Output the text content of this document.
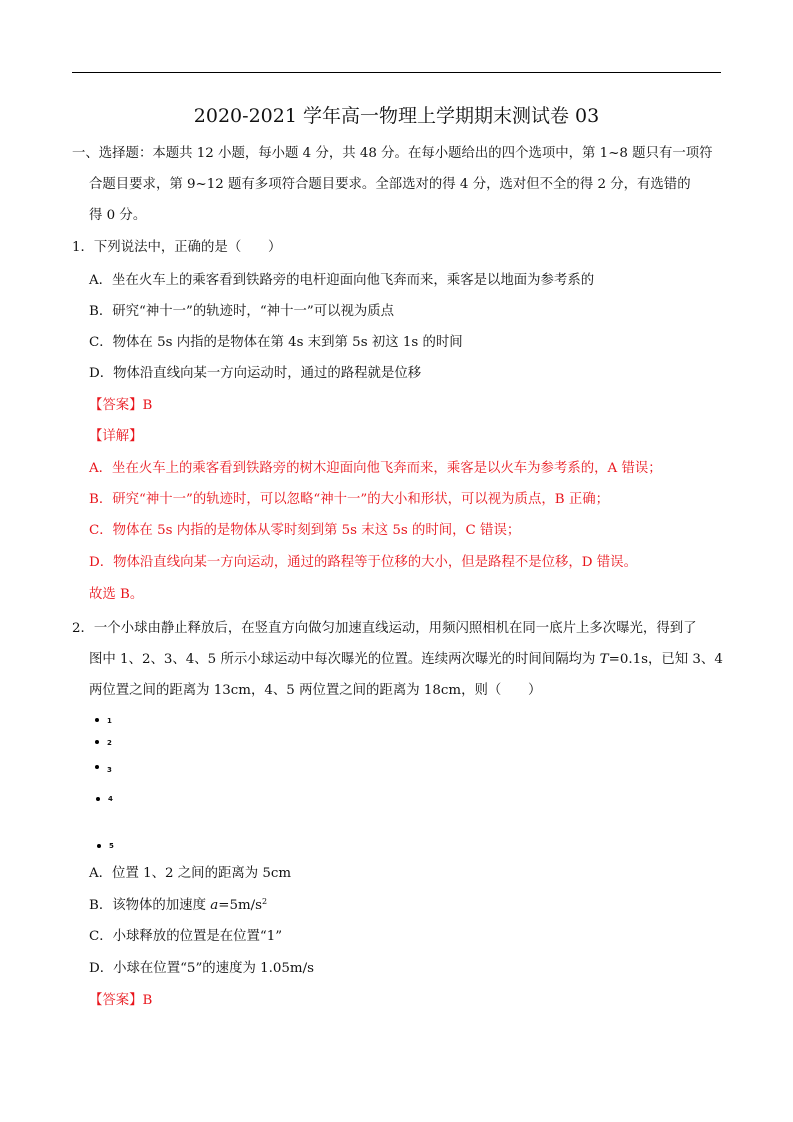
2020-2021 学年高一物理上学期期末测试卷 03
一、选择题：本题共 12 小题，每小题 4 分，共 48 分。在每小题给出的四个选项中，第 1~8 题只有一项符
合题目要求，第 9~12 题有多项符合题目要求。全部选对的得 4 分，选对但不全的得 2 分，有选错的
得 0 分。
1．下列说法中，正确的是（　　）
A．坐在火车上的乘客看到铁路旁的电杆迎面向他飞奔而来，乘客是以地面为参考系的
B．研究“神十一”的轨迹时，“神十一”可以视为质点
C．物体在 5s 内指的是物体在第 4s 末到第 5s 初这 1s 的时间
D．物体沿直线向某一方向运动时，通过的路程就是位移
【答案】B
【详解】
A．坐在火车上的乘客看到铁路旁的树木迎面向他飞奔而来，乘客是以火车为参考系的，A 错误；
B．研究“神十一”的轨迹时，可以忽略“神十一”的大小和形状，可以视为质点，B 正确；
C．物体在 5s 内指的是物体从零时刻到第 5s 末这 5s 的时间，C 错误；
D．物体沿直线向某一方向运动，通过的路程等于位移的大小，但是路程不是位移，D 错误。
故选 B。
2．一个小球由静止释放后，在竖直方向做匀加速直线运动，用频闪照相机在同一底片上多次曝光，得到了
图中 1、2、3、4、5 所示小球运动中每次曝光的位置。连续两次曝光的时间间隔均为 T=0.1s，已知 3、4
两位置之间的距离为 13cm，4、5 两位置之间的距离为 18cm，则（　　）
1
2
3
4
5
A．位置 1、2 之间的距离为 5cm
B．该物体的加速度 $a=5m/s^2$
C．小球释放的位置是在位置“1”
D．小球在位置“5”的速度为 1.05m/s
【答案】B
